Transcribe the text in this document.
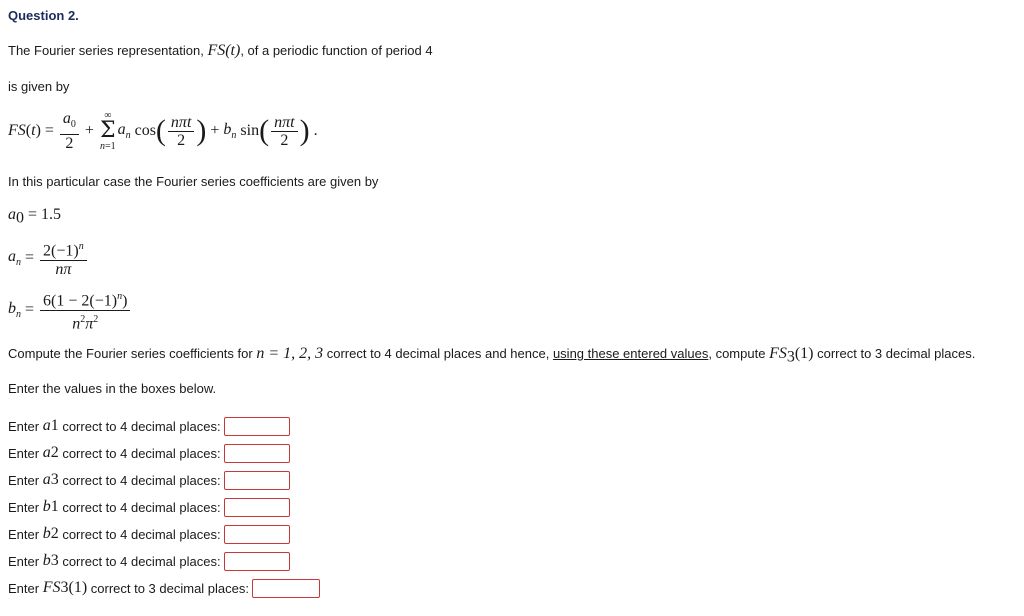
Question 2.
The Fourier series representation, FS(t), of a periodic function of period 4
is given by
FS ( t ) = $\frac{a_0}{2}$ +
∞
Σ
n=1
$a_n$ cos ( $\frac{\text{nπt}}{2}$ ) + $b_n$ sin ( $\frac{\text{nπt}}{2}$ ) .
In this particular case the Fourier series coefficients are given by
$a_0 = 1.5$
$a_n = \frac{2(-1)^n}{n\pi}$
$b_n = \frac{6(1 - 2(-1)^n)}{n^2\pi^2}$
Compute the Fourier series coefficients for n = 1, 2, 3 correct to 4 decimal places and hence, using these entered values, compute $FS_3(1)$ correct to 3 decimal places.
Enter the values in the boxes below.
Enter
a 1
correct to 4 decimal places:
Enter
a 2
correct to 4 decimal places:
Enter
a 3
correct to 4 decimal places:
Enter
b 1
correct to 4 decimal places:
Enter
b 2
correct to 4 decimal places:
Enter
b 3
correct to 4 decimal places:
Enter
FS 3 (1)
correct to 3 decimal places:
